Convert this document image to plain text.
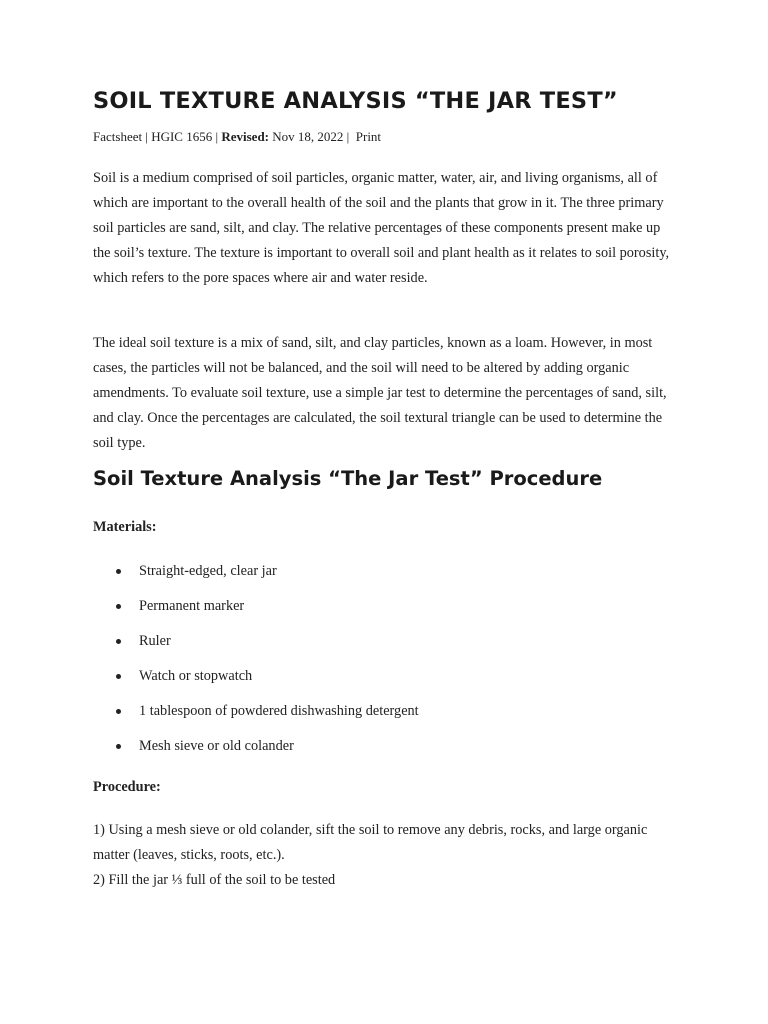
SOIL TEXTURE ANALYSIS “THE JAR TEST”
Factsheet | HGIC 1656 | Revised: Nov 18, 2022 |  Print

Soil is a medium comprised of soil particles, organic matter, water, air, and living organisms, all of which are important to the overall health of the soil and the plants that grow in it. The three primary soil particles are sand, silt, and clay. The relative percentages of these components present make up the soil’s texture. The texture is important to overall soil and plant health as it relates to soil porosity, which refers to the pore spaces where air and water reside.

The ideal soil texture is a mix of sand, silt, and clay particles, known as a loam. However, in most cases, the particles will not be balanced, and the soil will need to be altered by adding organic amendments. To evaluate soil texture, use a simple jar test to determine the percentages of sand, silt, and clay. Once the percentages are calculated, the soil textural triangle can be used to determine the soil type.

Soil Texture Analysis “The Jar Test” Procedure
Materials:
Straight-edged, clear jar
Permanent marker
Ruler
Watch or stopwatch
1 tablespoon of powdered dishwashing detergent
Mesh sieve or old colander
Procedure:
1) Using a mesh sieve or old colander, sift the soil to remove any debris, rocks, and large organic matter (leaves, sticks, roots, etc.).
2) Fill the jar ⅓ full of the soil to be tested
